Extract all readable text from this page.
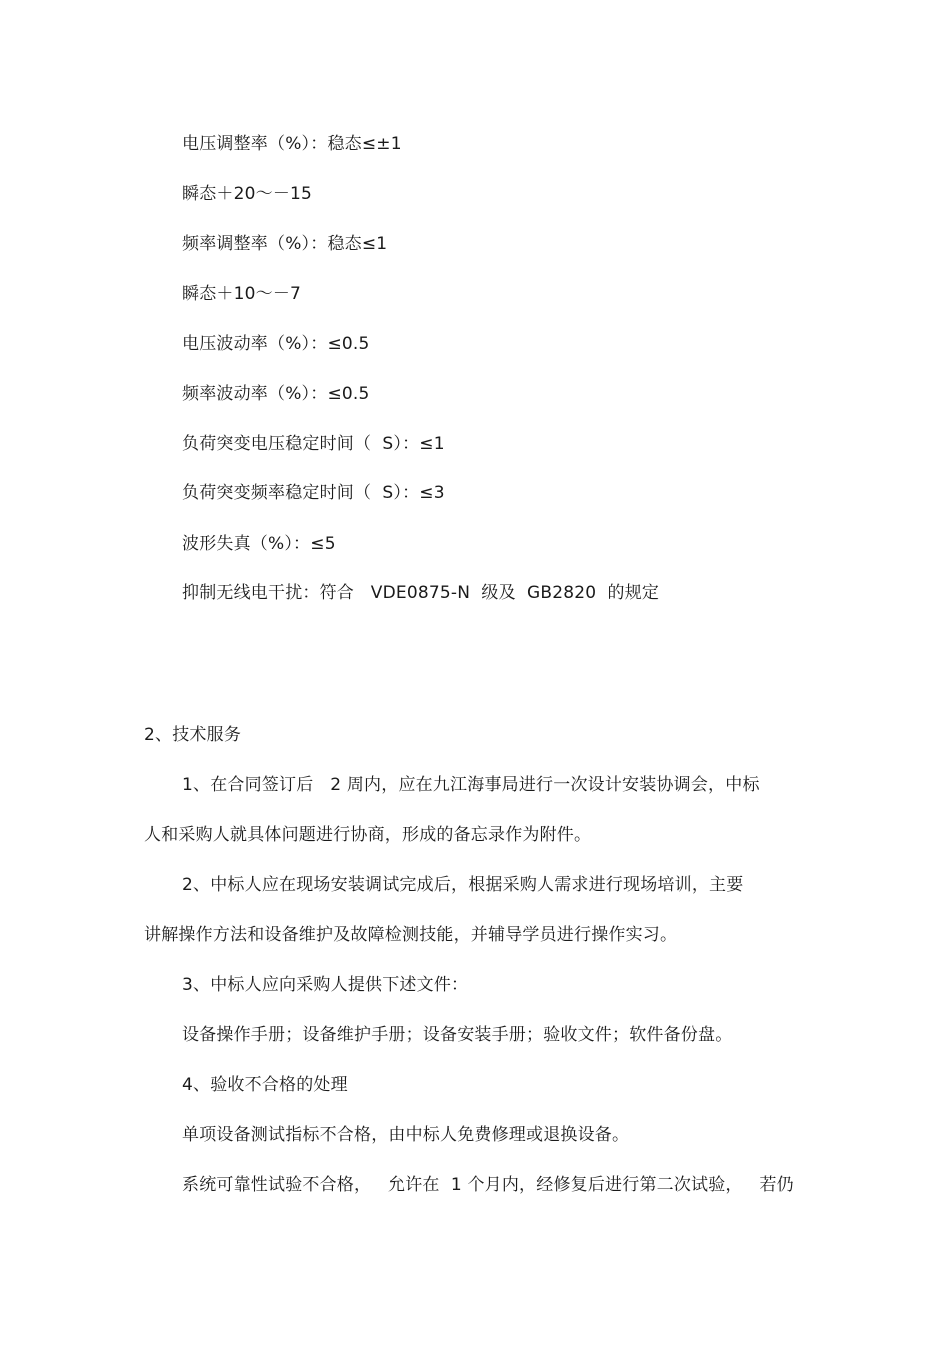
电压调整率（%）：稳态≤±1
瞬态＋20～－15
频率调整率（%）：稳态≤1
瞬态＋10～－7
电压波动率（%）：≤0.5
频率波动率（%）：≤0.5
负荷突变电压稳定时间（  S）：≤1
负荷突变频率稳定时间（  S）：≤3
波形失真（%）：≤5
抑制无线电干扰：符合   VDE0875-N  级及  GB2820  的规定
2、技术服务
1、在合同签订后   2 周内，应在九江海事局进行一次设计安装协调会，中标
人和采购人就具体问题进行协商，形成的备忘录作为附件。
2、中标人应在现场安装调试完成后，根据采购人需求进行现场培训，主要
讲解操作方法和设备维护及故障检测技能，并辅导学员进行操作实习。
3、中标人应向采购人提供下述文件：
设备操作手册；设备维护手册；设备安装手册；验收文件；软件备份盘。
4、验收不合格的处理
单项设备测试指标不合格，由中标人免费修理或退换设备。
系统可靠性试验不合格，   允许在  1 个月内，经修复后进行第二次试验，   若仍
